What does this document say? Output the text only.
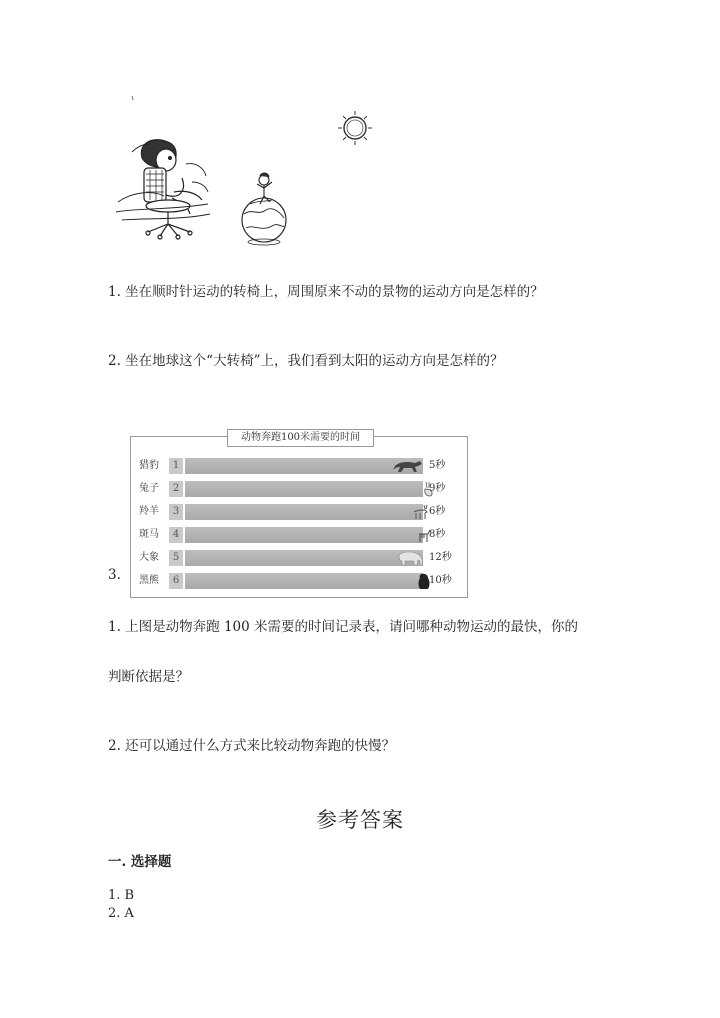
1. 坐在顺时针运动的转椅上，周围原来不动的景物的运动方向是怎样的？
2. 坐在地球这个“大转椅”上，我们看到太阳的运动方向是怎样的？
动物奔跑100米需要的时间
猎豹	1	5秒
兔子	2	9秒
羚羊	3	6秒
斑马	4	8秒
大象	5	12秒
黑熊	6	10秒
3.
1. 上图是动物奔跑 100 米需要的时间记录表，请问哪种动物运动的最快，你的
判断依据是？
2. 还可以通过什么方式来比较动物奔跑的快慢？
参考答案
一. 选择题
1. B
2. A
